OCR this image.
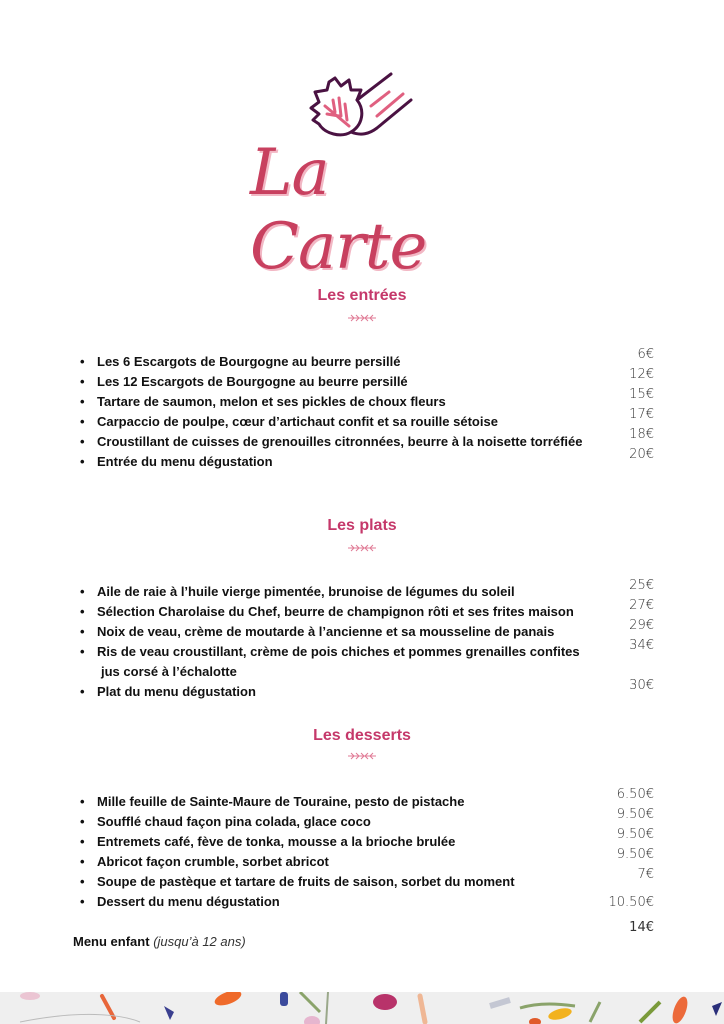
La Carte
Les entrées
• Les 6 Escargots de Bourgogne au beurre persillé
• Les 12 Escargots de Bourgogne au beurre persillé
• Tartare de saumon, melon et ses pickles de choux fleurs
• Carpaccio de poulpe, cœur d’artichaut confit et sa rouille sétoise
• Croustillant de cuisses de grenouilles citronnées, beurre à la noisette torréfiée
• Entrée du menu dégustation
6€
12€
15€
17€
18€
20€
Les plats
• Aile de raie à l’huile vierge pimentée, brunoise de légumes du soleil
• Sélection Charolaise du Chef, beurre de champignon rôti et ses frites maison
• Noix de veau, crème de moutarde à l’ancienne et sa mousseline de panais
• Ris de veau croustillant, crème de pois chiches et pommes grenailles confites
jus corsé à l’échalotte
• Plat du menu dégustation
25€
27€
29€
34€
30€
Les desserts
• Mille feuille de Sainte-Maure de Touraine, pesto de pistache
• Soufflé chaud façon pina colada, glace coco
• Entremets café, fève de tonka, mousse a la brioche brulée
• Abricot façon crumble, sorbet abricot
• Soupe de pastèque et tartare de fruits de saison, sorbet du moment
• Dessert du menu dégustation
6.50€
9.50€
9.50€
9.50€
7€
10.50€
14€
Menu enfant (jusqu’à 12 ans)
